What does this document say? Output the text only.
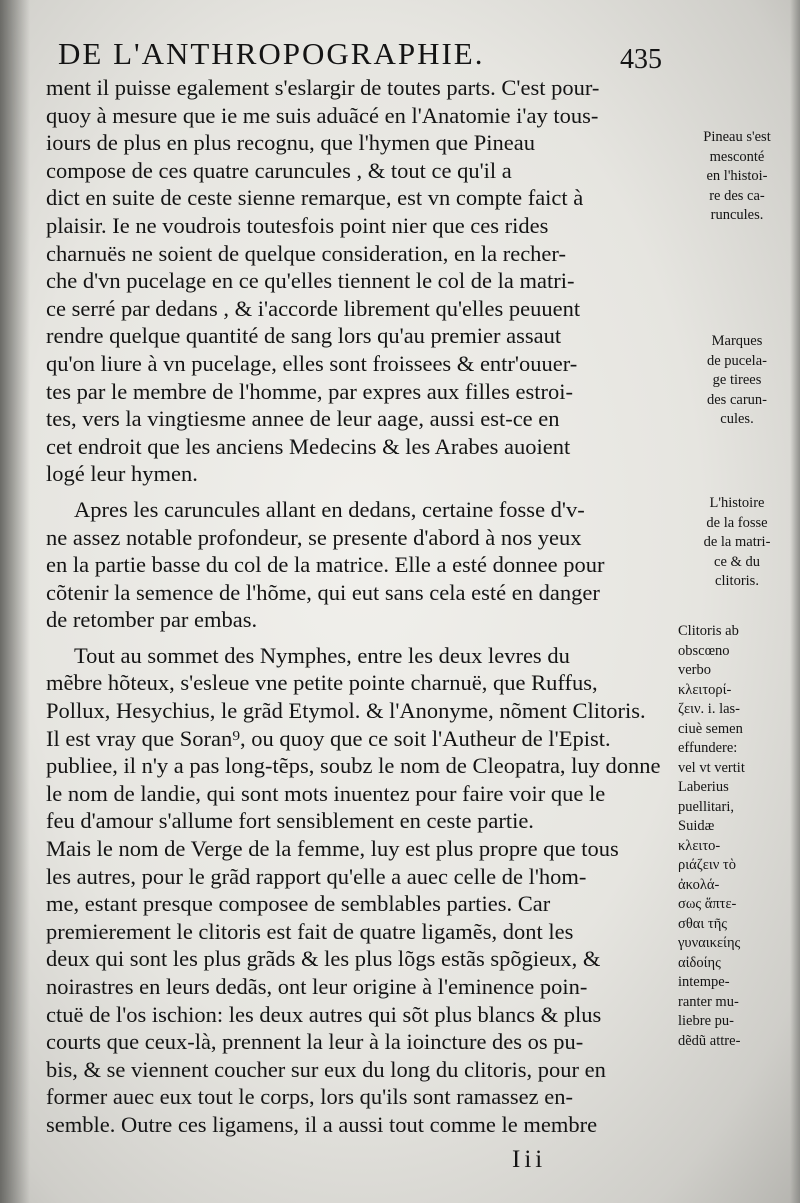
DE L'ANTHROPOGRAPHIE.	435
ment il puisse egalement s'eslargir de toutes parts. C'est pour-
quoy à mesure que ie me suis aduãcé en l'Anatomie i'ay tous-
iours de plus en plus recognu, que l'hymen que Pineau
compose de ces quatre caruncules , & tout ce qu'il a
dict en suite de ceste sienne remarque, est vn compte faict à
plaisir. Ie ne voudrois toutesfois point nier que ces rides
charnuës ne soient de quelque consideration, en la recher-
che d'vn pucelage en ce qu'elles tiennent le col de la matri-
ce serré par dedans , & i'accorde librement qu'elles peuuent
rendre quelque quantité de sang lors qu'au premier assaut
qu'on liure à vn pucelage, elles sont froissees & entr'ouuer-
tes par le membre de l'homme, par expres aux filles estroi-
tes, vers la vingtiesme annee de leur aage, aussi est-ce en
cet endroit que les anciens Medecins & les Arabes auoient
logé leur hymen.
Apres les caruncules allant en dedans, certaine fosse d'v-
ne assez notable profondeur, se presente d'abord à nos yeux
en la partie basse du col de la matrice. Elle a esté donnee pour
cõtenir la semence de l'hõme, qui eut sans cela esté en danger
de retomber par embas.
Tout au sommet des Nymphes, entre les deux levres du
mẽbre hõteux, s'esleue vne petite pointe charnuë, que Ruffus,
Pollux, Hesychius, le grãd Etymol. & l'Anonyme, nõment Clitoris.
Il est vray que Soran⁹, ou quoy que ce soit l'Autheur de l'Epist.
publiee, il n'y a pas long-tẽps, soubz le nom de Cleopatra, luy donne
le nom de landie, qui sont mots inuentez pour faire voir que le
feu d'amour s'allume fort sensiblement en ceste partie.
Mais le nom de Verge de la femme, luy est plus propre que tous
les autres, pour le grãd rapport qu'elle a auec celle de l'hom-
me, estant presque composee de semblables parties. Car
premierement le clitoris est fait de quatre ligamẽs, dont les
deux qui sont les plus grãds & les plus lõgs estãs spõgieux, &
noirastres en leurs dedãs, ont leur origine à l'eminence poin-
ctuë de l'os ischion: les deux autres qui sõt plus blancs & plus
courts que ceux-là, prennent la leur à la ioincture des os pu-
bis, & se viennent coucher sur eux du long du clitoris, pour en
former auec eux tout le corps, lors qu'ils sont ramassez en-
semble. Outre ces ligamens, il a aussi tout comme le membre
Pineau s'est
mesconté
en l'histoi-
re des ca-
runcules.
Marques
de pucela-
ge tirees
des carun-
cules.
L'histoire
de la fosse
de la matri-
ce & du
clitoris.
Clitoris ab
obscœno
verbo
κλειτορί-
ζειν. i. las-
ciuè semen
effundere:
vel vt vertit
Laberius
puellitari,
Suidæ
κλειτο-
ριάζειν τὸ
ἀκολά-
σως ἅπτε-
σθαι τῆς
γυναικείης
αἰδοίης
intempe-
ranter mu-
liebre pu-
dẽdũ attre-
Iii
